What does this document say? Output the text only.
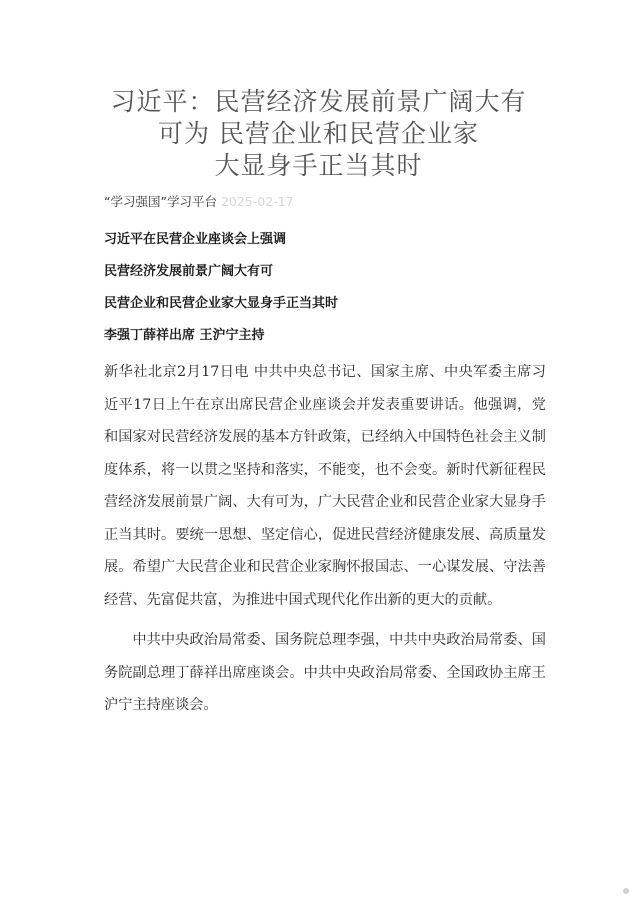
习近平：民营经济发展前景广阔大有
可为 民营企业和民营企业家
大显身手正当其时
“学习强国”学习平台 2025-02-17
习近平在民营企业座谈会上强调
民营经济发展前景广阔大有可
民营企业和民营企业家大显身手正当其时
李强丁薛祥出席 王沪宁主持

新华社北京2月17日电 中共中央总书记、国家主席、中央军委主席习近平17日上午在京出席民营企业座谈会并发表重要讲话。他强调，党和国家对民营经济发展的基本方针政策，已经纳入中国特色社会主义制度体系，将一以贯之坚持和落实，不能变，也不会变。新时代新征程民营经济发展前景广阔、大有可为，广大民营企业和民营企业家大显身手正当其时。要统一思想、坚定信心，促进民营经济健康发展、高质量发展。希望广大民营企业和民营企业家胸怀报国志、一心谋发展、守法善经营、先富促共富，为推进中国式现代化作出新的更大的贡献。

中共中央政治局常委、国务院总理李强，中共中央政治局常委、国务院副总理丁薛祥出席座谈会。中共中央政治局常委、全国政协主席王沪宁主持座谈会。
